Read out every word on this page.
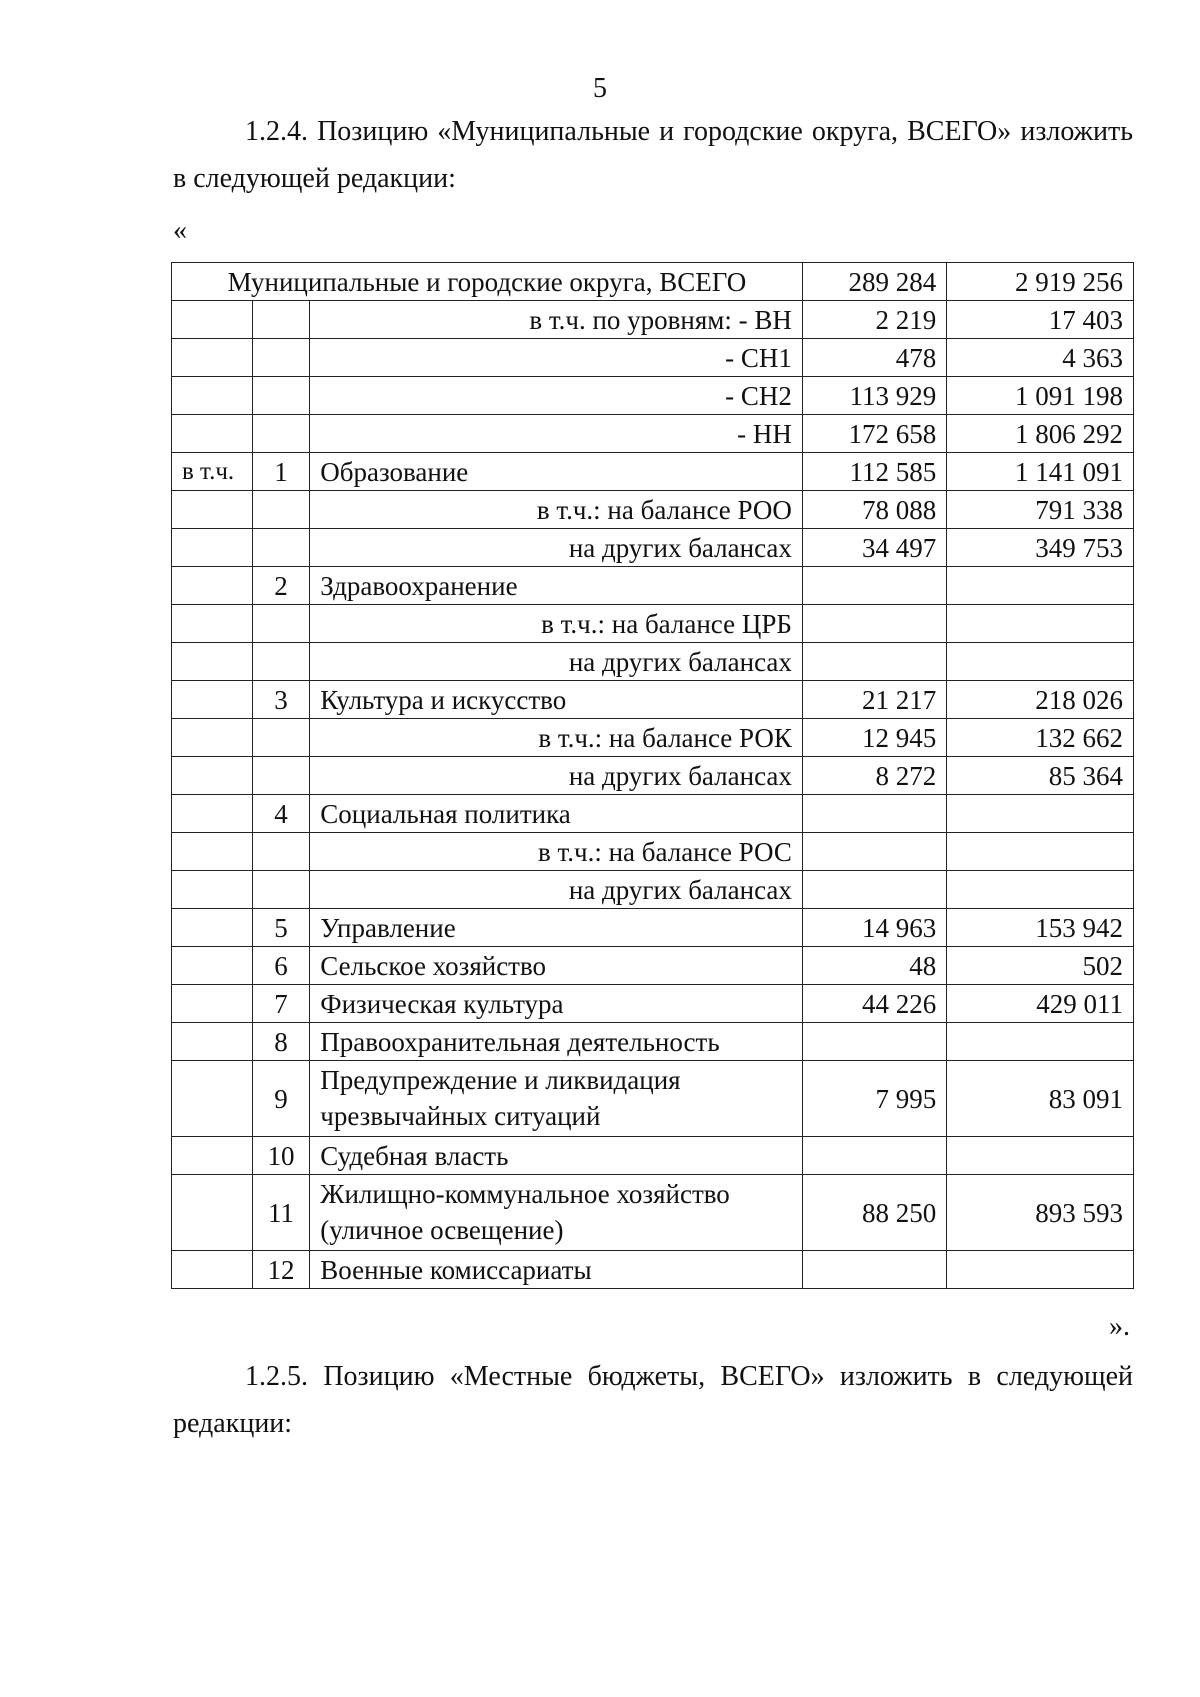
5

1.2.4. Позицию «Муниципальные и городские округа, ВСЕГО» изложить в следующей редакции:

«
Муниципальные и городские округа, ВСЕГО			289 284	2 919 256
		в т.ч. по уровням: - ВН	2 219	17 403
		- СН1	478	4 363
		- СН2	113 929	1 091 198
		- НН	172 658	1 806 292
в т.ч.	1	Образование	112 585	1 141 091
		в т.ч.: на балансе РОО	78 088	791 338
		на других балансах	34 497	349 753
	2	Здравоохранение		
		в т.ч.: на балансе ЦРБ		
		на других балансах		
	3	Культура и искусство	21 217	218 026
		в т.ч.: на балансе РОК	12 945	132 662
		на других балансах	8 272	85 364
	4	Социальная политика		
		в т.ч.: на балансе РОС		
		на других балансах		
	5	Управление	14 963	153 942
	6	Сельское хозяйство	48	502
	7	Физическая культура	44 226	429 011
	8	Правоохранительная деятельность		
	9	Предупреждение и ликвидация чрезвычайных ситуаций	7 995	83 091
	10	Судебная власть		
	11	Жилищно-коммунальное хозяйство (уличное освещение)	88 250	893 593
	12	Военные комиссариаты		
».

1.2.5. Позицию «Местные бюджеты, ВСЕГО» изложить в следующей редакции:
